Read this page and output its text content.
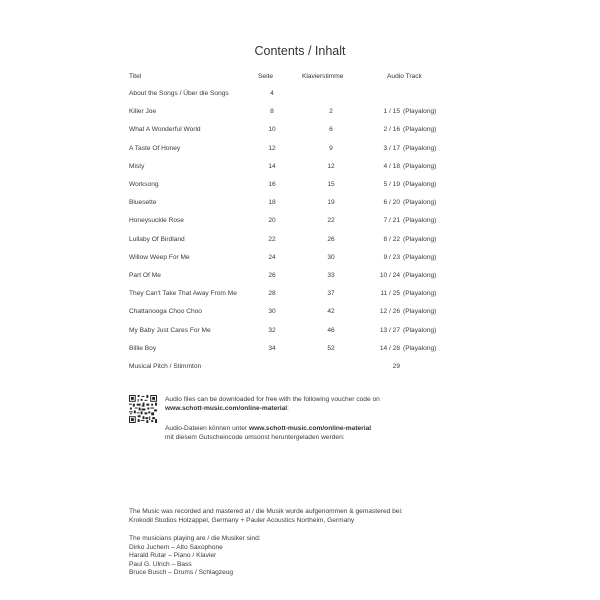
Contents / Inhalt
Titel	Seite	Klavierstimme	Audio Track
About the Songs / Über die Songs	4
Killer Joe	8	2	1 / 15 (Playalong)
What A Wonderful World	10	6	2 / 16 (Playalong)
A Taste Of Honey	12	9	3 / 17 (Playalong)
Misty	14	12	4 / 18 (Playalong)
Worksong	16	15	5 / 19 (Playalong)
Bluesette	18	19	6 / 20 (Playalong)
Honeysuckle Rose	20	22	7 / 21 (Playalong)
Lullaby Of Birdland	22	26	8 / 22 (Playalong)
Willow Weep For Me	24	30	9 / 23 (Playalong)
Part Of Me	26	33	10 / 24 (Playalong)
They Can't Take That Away From Me	28	37	11 / 25 (Playalong)
Chattanooga Choo Choo	30	42	12 / 26 (Playalong)
My Baby Just Cares For Me	32	46	13 / 27 (Playalong)
Billie Boy	34	52	14 / 28 (Playalong)
Musical Pitch / Stimmton	29
Audio files can be downloaded for free with the following voucher code on
www.schott-music.com/online-material:
Audio-Dateien können unter www.schott-music.com/online-material
mit diesem Gutscheincode umsonst heruntergeladen werden:
The Music was recorded and mastered at / die Musik wurde aufgenommen & gemastered bei:
Krokodil Studios Holzappel, Germany + Pauler Acoustics Northeim, Germany
The musicians playing are / die Musiker sind:
Dirko Juchem – Alto Saxophone
Harald Rutar – Piano / Klavier
Paul G. Ulrich – Bass
Bruce Busch – Drums / Schlagzeug
